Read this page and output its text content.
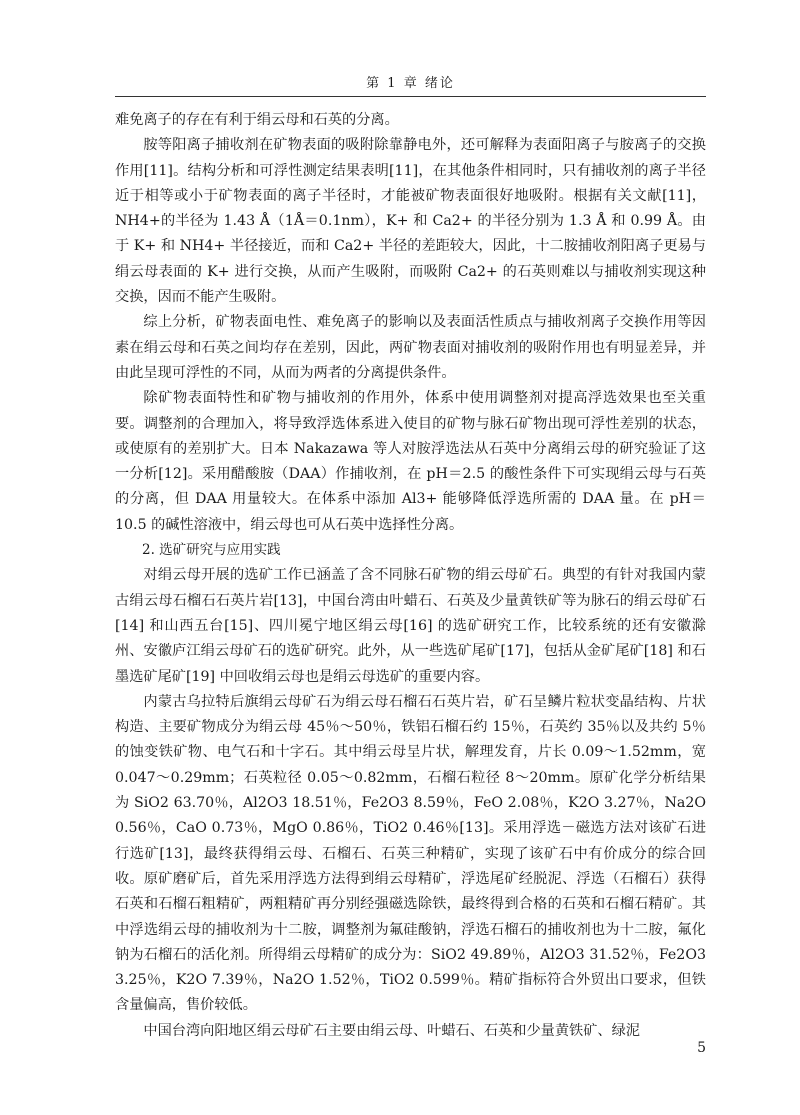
第 1 章 绪论

难免离子的存在有利于绢云母和石英的分离。

胺等阳离子捕收剂在矿物表面的吸附除靠静电外，还可解释为表面阳离子与胺离子的交换作用[11]。结构分析和可浮性测定结果表明[11]，在其他条件相同时，只有捕收剂的离子半径近于相等或小于矿物表面的离子半径时，才能被矿物表面很好地吸附。根据有关文献[11]，NH4+的半径为 1.43 Å（1Å＝0.1nm），K+ 和 Ca2+ 的半径分别为 1.3 Å 和 0.99 Å。由于 K+ 和 NH4+ 半径接近，而和 Ca2+ 半径的差距较大，因此，十二胺捕收剂阳离子更易与绢云母表面的 K+ 进行交换，从而产生吸附，而吸附 Ca2+ 的石英则难以与捕收剂实现这种交换，因而不能产生吸附。

综上分析，矿物表面电性、难免离子的影响以及表面活性质点与捕收剂离子交换作用等因素在绢云母和石英之间均存在差别，因此，两矿物表面对捕收剂的吸附作用也有明显差异，并由此呈现可浮性的不同，从而为两者的分离提供条件。

除矿物表面特性和矿物与捕收剂的作用外，体系中使用调整剂对提高浮选效果也至关重要。调整剂的合理加入，将导致浮选体系进入使目的矿物与脉石矿物出现可浮性差别的状态，或使原有的差别扩大。日本 Nakazawa 等人对胺浮选法从石英中分离绢云母的研究验证了这一分析[12]。采用醋酸胺（DAA）作捕收剂，在 pH＝2.5 的酸性条件下可实现绢云母与石英的分离，但 DAA 用量较大。在体系中添加 Al3+ 能够降低浮选所需的 DAA 量。在 pH＝10.5 的碱性溶液中，绢云母也可从石英中选择性分离。

2. 选矿研究与应用实践

对绢云母开展的选矿工作已涵盖了含不同脉石矿物的绢云母矿石。典型的有针对我国内蒙古绢云母石榴石石英片岩[13]，中国台湾由叶蜡石、石英及少量黄铁矿等为脉石的绢云母矿石[14] 和山西五台[15]、四川冕宁地区绢云母[16] 的选矿研究工作，比较系统的还有安徽滁州、安徽庐江绢云母矿石的选矿研究。此外，从一些选矿尾矿[17]，包括从金矿尾矿[18] 和石墨选矿尾矿[19] 中回收绢云母也是绢云母选矿的重要内容。

内蒙古乌拉特后旗绢云母矿石为绢云母石榴石石英片岩，矿石呈鳞片粒状变晶结构、片状构造、主要矿物成分为绢云母 45％～50％，铁铝石榴石约 15％，石英约 35％以及共约 5％的蚀变铁矿物、电气石和十字石。其中绢云母呈片状，解理发育，片长 0.09～1.52mm，宽 0.047～0.29mm；石英粒径 0.05～0.82mm，石榴石粒径 8～20mm。原矿化学分析结果为 SiO2 63.70％，Al2O3 18.51％，Fe2O3 8.59％，FeO 2.08％，K2O 3.27％，Na2O 0.56％，CaO 0.73％，MgO 0.86％，TiO2 0.46％[13]。采用浮选－磁选方法对该矿石进行选矿[13]，最终获得绢云母、石榴石、石英三种精矿，实现了该矿石中有价成分的综合回收。原矿磨矿后，首先采用浮选方法得到绢云母精矿，浮选尾矿经脱泥、浮选（石榴石）获得石英和石榴石粗精矿，两粗精矿再分别经强磁选除铁，最终得到合格的石英和石榴石精矿。其中浮选绢云母的捕收剂为十二胺，调整剂为氟硅酸钠，浮选石榴石的捕收剂也为十二胺，氟化钠为石榴石的活化剂。所得绢云母精矿的成分为：SiO2 49.89％，Al2O3 31.52％，Fe2O3 3.25％，K2O 7.39％，Na2O 1.52％，TiO2 0.599％。精矿指标符合外贸出口要求，但铁含量偏高，售价较低。

中国台湾向阳地区绢云母矿石主要由绢云母、叶蜡石、石英和少量黄铁矿、绿泥

5
